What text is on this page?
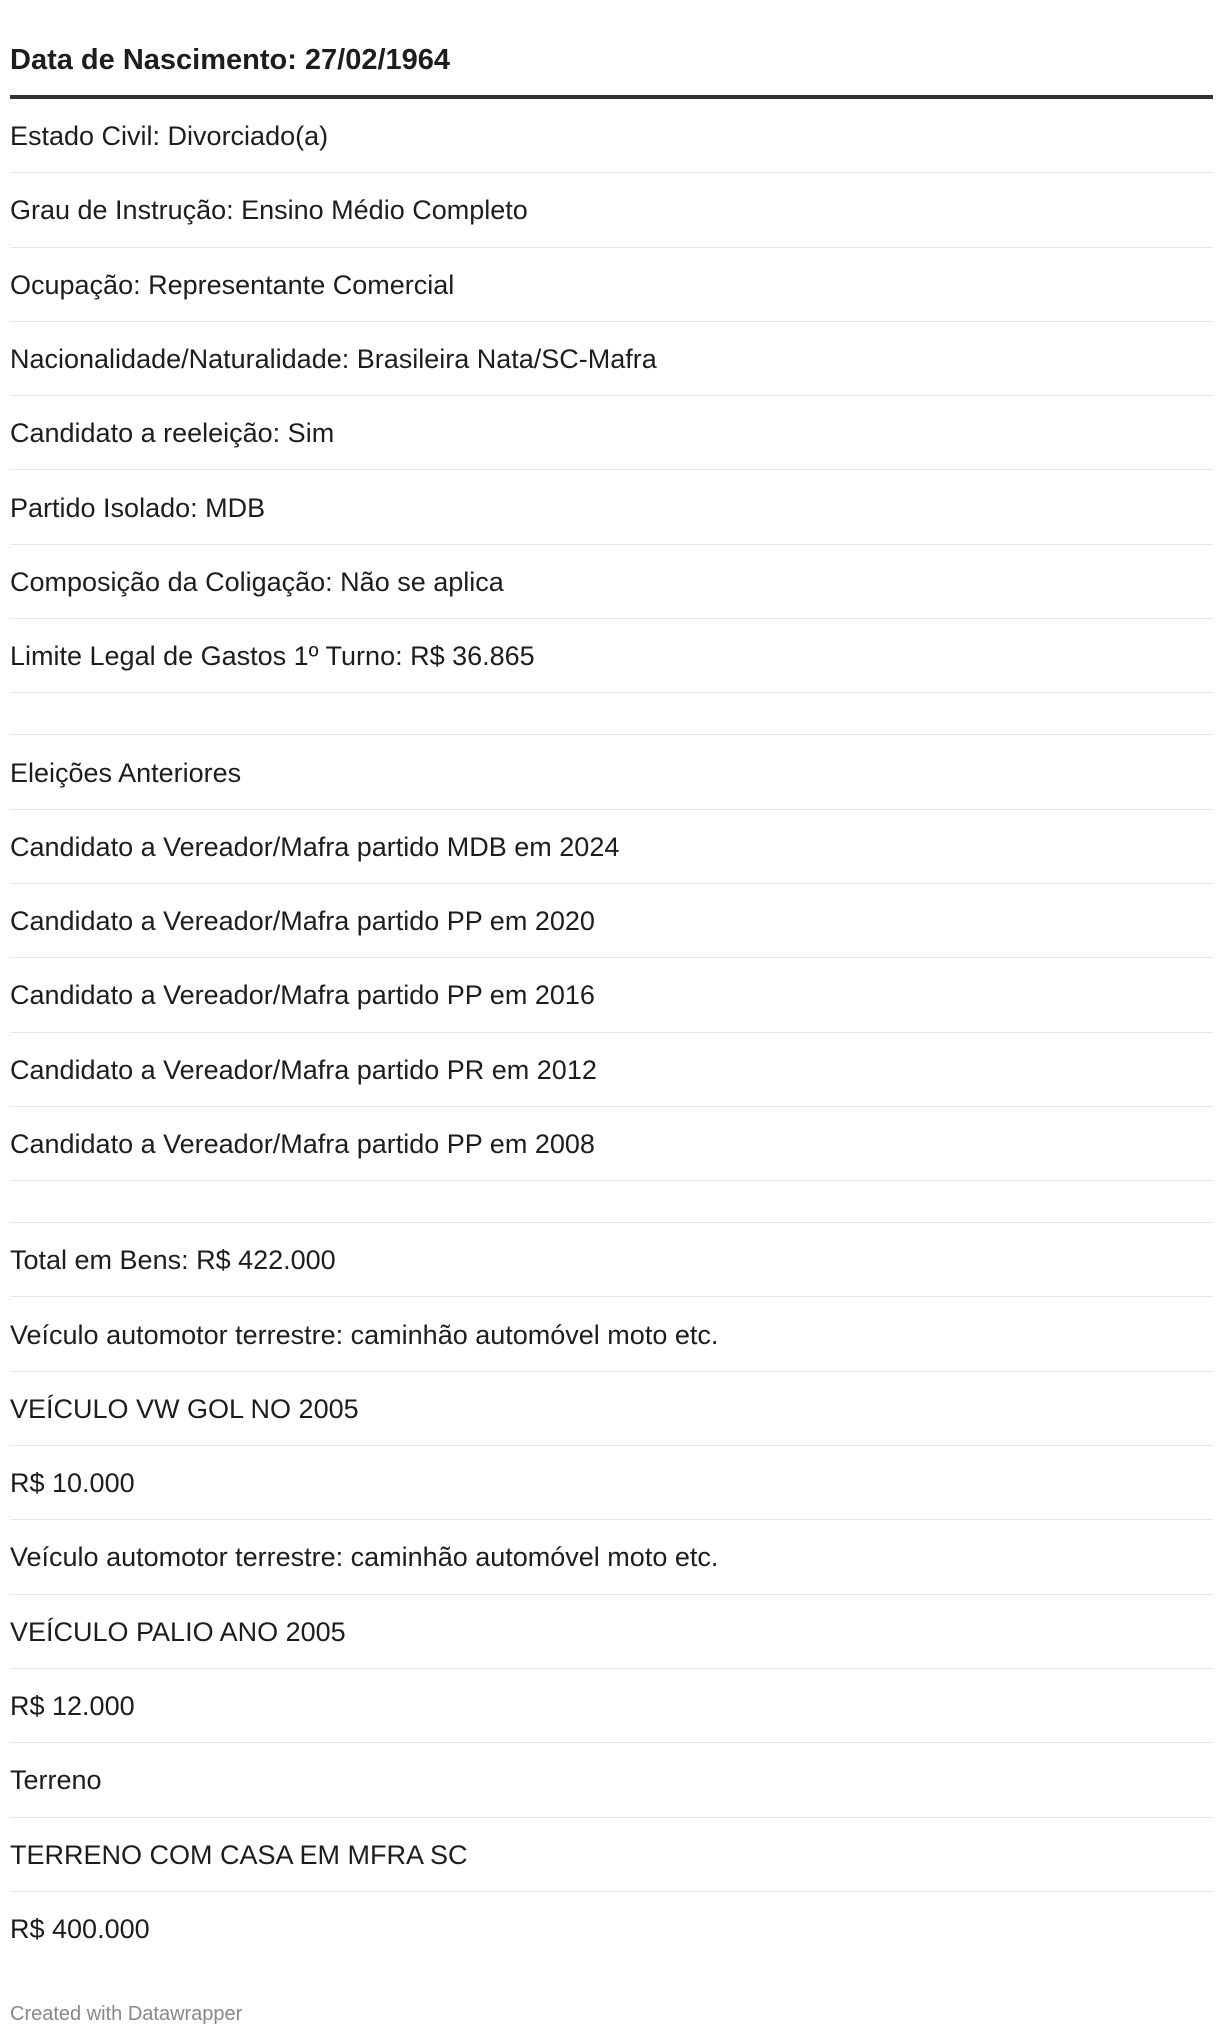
Data de Nascimento: 27/02/1964
Estado Civil: Divorciado(a)
Grau de Instrução: Ensino Médio Completo
Ocupação: Representante Comercial
Nacionalidade/Naturalidade: Brasileira Nata/SC-Mafra
Candidato a reeleição: Sim
Partido Isolado: MDB
Composição da Coligação: Não se aplica
Limite Legal de Gastos 1º Turno: R$ 36.865
Eleições Anteriores
Candidato a Vereador/Mafra partido MDB em 2024
Candidato a Vereador/Mafra partido PP em 2020
Candidato a Vereador/Mafra partido PP em 2016
Candidato a Vereador/Mafra partido PR em 2012
Candidato a Vereador/Mafra partido PP em 2008
Total em Bens: R$ 422.000
Veículo automotor terrestre: caminhão automóvel moto etc.
VEÍCULO VW GOL NO 2005
R$ 10.000
Veículo automotor terrestre: caminhão automóvel moto etc.
VEÍCULO PALIO ANO 2005
R$ 12.000
Terreno
TERRENO COM CASA EM MFRA SC
R$ 400.000
Created with Datawrapper
